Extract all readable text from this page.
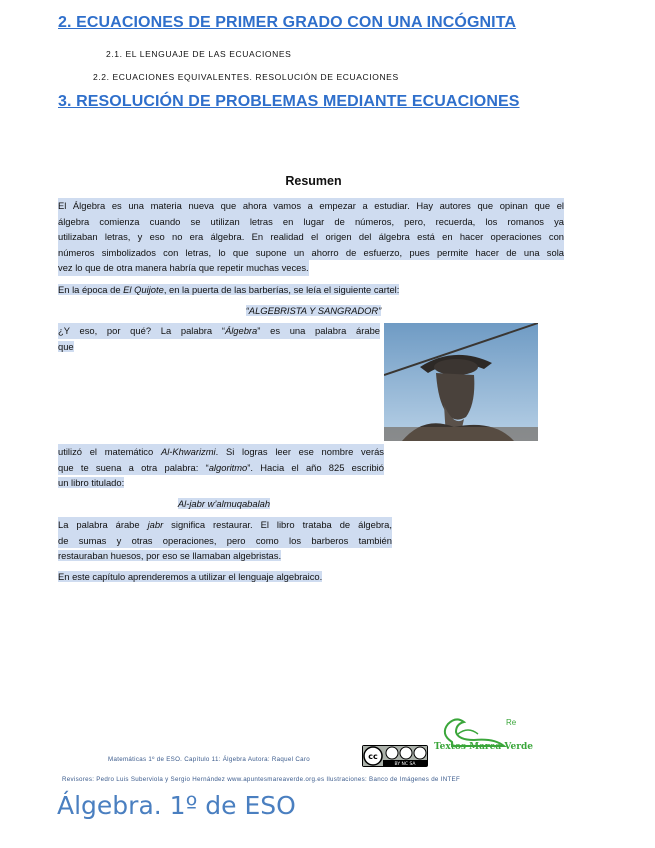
2. ECUACIONES DE PRIMER GRADO CON UNA INCÓGNITA
2.1. EL LENGUAJE DE LAS ECUACIONES
2.2. ECUACIONES EQUIVALENTES. RESOLUCIÓN DE ECUACIONES
3. RESOLUCIÓN DE PROBLEMAS MEDIANTE ECUACIONES
Resumen
El Álgebra es una materia nueva que ahora vamos a empezar a estudiar. Hay autores que opinan que el
álgebra comienza cuando se utilizan letras en lugar de números, pero, recuerda, los romanos ya
utilizaban letras, y eso no era álgebra. En realidad el origen del álgebra está en hacer operaciones con
números simbolizados con letras, lo que supone un ahorro de esfuerzo, pues permite hacer de una sola
vez lo que de otra manera habría que repetir muchas veces.
En la época de El Quijote, en la puerta de las barberías, se leía el siguiente cartel:
“ALGEBRISTA Y SANGRADOR”
¿Y eso, por qué? La palabra “Álgebra” es una palabra árabe
que
utilizó el matemático Al-Khwarizmi. Si logras leer ese nombre verás
que te suena a otra palabra: “algoritmo”. Hacia el año 825 escribió
un libro titulado:
Al-jabr w’almuqabalah
La palabra árabe jabr significa restaurar. El libro trataba de álgebra,
de sumas y otras operaciones, pero como los barberos también
restauraban huesos, por eso se llamaban algebristas.
En este capítulo aprenderemos a utilizar el lenguaje algebraico.
Matemáticas 1º de ESO. Capítulo 11: Álgebra Autora: Raquel Caro	cc
BY NC SA
Textos Marea Verde
Re
Revisores: Pedro Luis Suberviola y Sergio Hernández www.apuntesmareaverde.org.es Ilustraciones: Banco de Imágenes de INTEF
Álgebra. 1º de ESO
